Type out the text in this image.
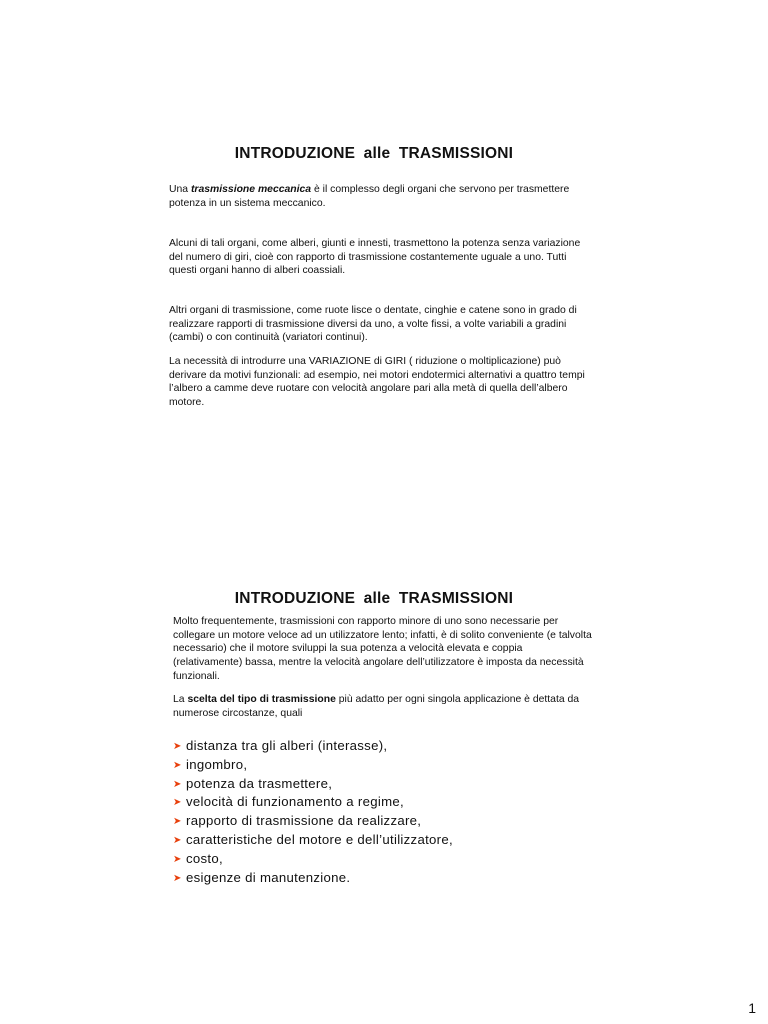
INTRODUZIONE alle TRASMISSIONI

Una trasmissione meccanica è il complesso degli organi che servono per trasmettere potenza in un sistema meccanico.

Alcuni di tali organi, come alberi, giunti e innesti, trasmettono la potenza senza variazione del numero di giri, cioè con rapporto di trasmissione costantemente uguale a uno. Tutti questi organi hanno di alberi coassiali.

Altri organi di trasmissione, come ruote lisce o dentate, cinghie e catene sono in grado di realizzare rapporti di trasmissione diversi da uno, a volte fissi, a volte variabili a gradini (cambi) o con continuità (variatori continui).

La necessità di introdurre una VARIAZIONE di GIRI ( riduzione o moltiplicazione) può derivare da motivi funzionali: ad esempio, nei motori endotermici alternativi a quattro tempi l’albero a camme deve ruotare con velocità angolare pari alla metà di quella dell’albero motore.

INTRODUZIONE alle TRASMISSIONI

Molto frequentemente, trasmissioni con rapporto minore di uno sono necessarie per collegare un motore veloce ad un utilizzatore lento; infatti, è di solito conveniente (e talvolta necessario) che il motore sviluppi la sua potenza a velocità elevata e coppia (relativamente) bassa, mentre la velocità angolare dell’utilizzatore è imposta da necessità funzionali.

La scelta del tipo di trasmissione più adatto per ogni singola applicazione è dettata da numerose circostanze, quali

➤ distanza tra gli alberi (interasse),
➤ ingombro,
➤ potenza da trasmettere,
➤ velocità di funzionamento a regime,
➤ rapporto di trasmissione da realizzare,
➤ caratteristiche del motore e dell’utilizzatore,
➤ costo,
➤ esigenze di manutenzione.
1
